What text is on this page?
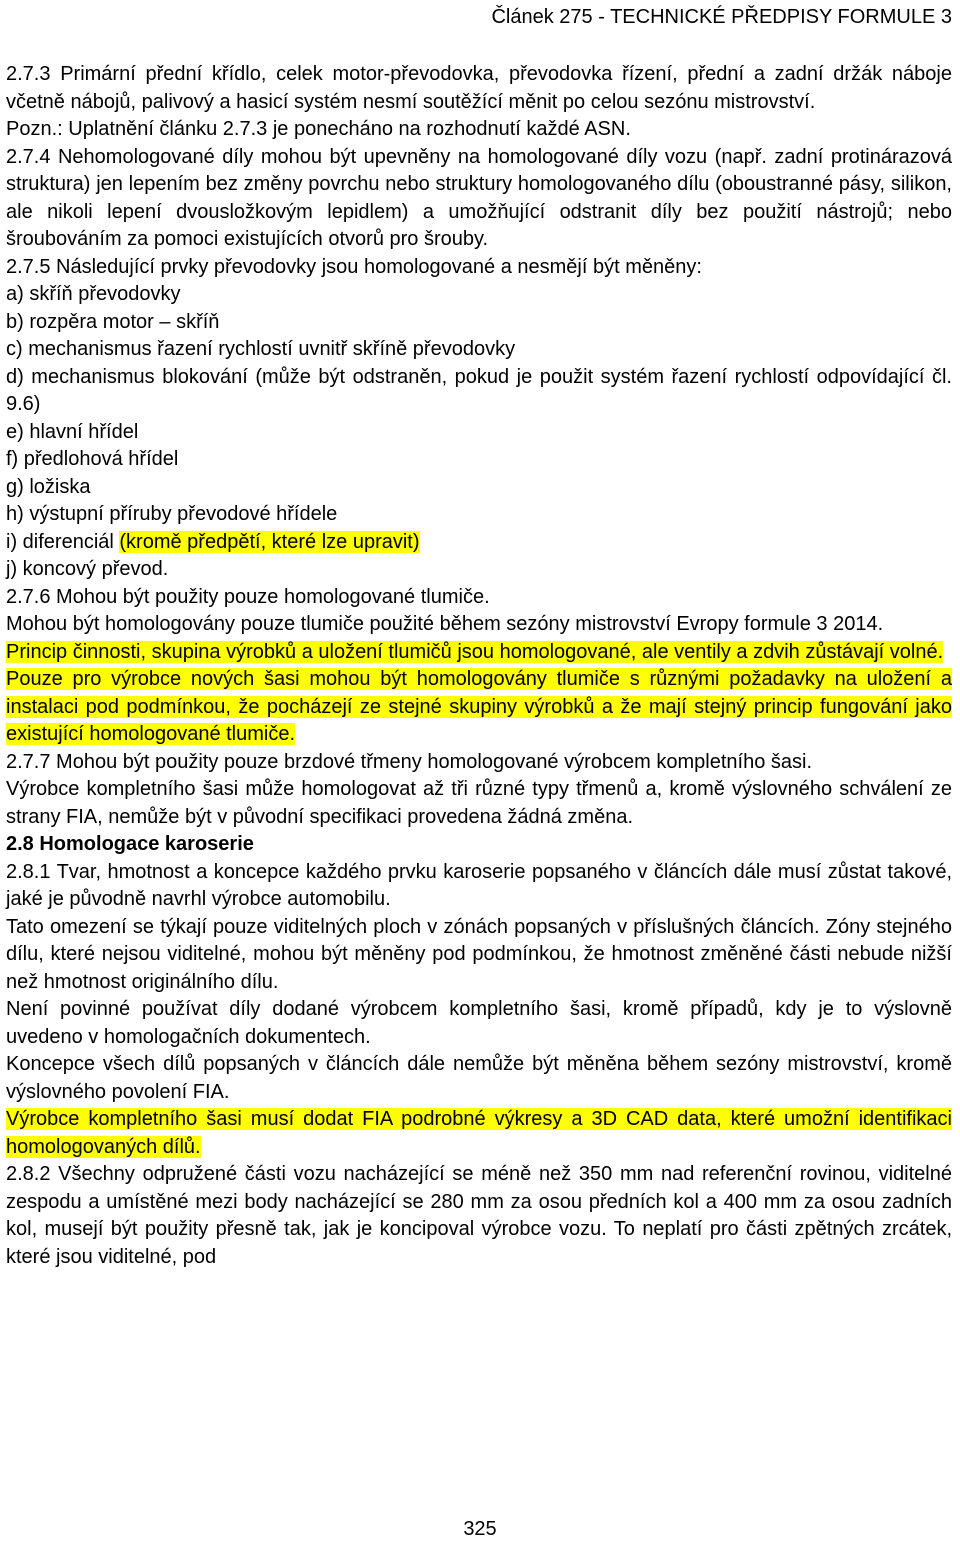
Článek 275 - TECHNICKÉ PŘEDPISY FORMULE 3

2.7.3 Primární přední křídlo, celek motor-převodovka, převodovka řízení, přední a zadní držák náboje včetně nábojů, palivový a hasicí systém nesmí soutěžící měnit po celou sezónu mistrovství.

Pozn.: Uplatnění článku 2.7.3 je ponecháno na rozhodnutí každé ASN.

2.7.4 Nehomologované díly mohou být upevněny na homologované díly vozu (např. zadní protinárazová struktura) jen lepením bez změny povrchu nebo struktury homologovaného dílu (oboustranné pásy, silikon, ale nikoli lepení dvousložkovým lepidlem) a umožňující odstranit díly bez použití nástrojů; nebo šroubováním za pomoci existujících otvorů pro šrouby.

2.7.5 Následující prvky převodovky jsou homologované a nesmějí být měněny:

a) skříň převodovky

b) rozpěra motor – skříň

c) mechanismus řazení rychlostí uvnitř skříně převodovky

d) mechanismus blokování (může být odstraněn, pokud je použit systém řazení rychlostí odpovídající čl. 9.6)

e) hlavní hřídel

f) předlohová hřídel

g) ložiska

h) výstupní příruby převodové hřídele

i) diferenciál (kromě předpětí, které lze upravit)

j) koncový převod.

2.7.6 Mohou být použity pouze homologované tlumiče.

Mohou být homologovány pouze tlumiče použité během sezóny mistrovství Evropy formule 3 2014.

Princip činnosti, skupina výrobků a uložení tlumičů jsou homologované, ale ventily a zdvih zůstávají volné.

Pouze pro výrobce nových šasi mohou být homologovány tlumiče s různými požadavky na uložení a instalaci pod podmínkou, že pocházejí ze stejné skupiny výrobků a že mají stejný princip fungování jako existující homologované tlumiče.

2.7.7 Mohou být použity pouze brzdové třmeny homologované výrobcem kompletního šasi.

Výrobce kompletního šasi může homologovat až tři různé typy třmenů a, kromě výslovného schválení ze strany FIA, nemůže být v původní specifikaci provedena žádná změna.

2.8 Homologace karoserie

2.8.1 Tvar, hmotnost a koncepce každého prvku karoserie popsaného v článcích dále musí zůstat takové, jaké je původně navrhl výrobce automobilu.

Tato omezení se týkají pouze viditelných ploch v zónách popsaných v příslušných článcích. Zóny stejného dílu, které nejsou viditelné, mohou být měněny pod podmínkou, že hmotnost změněné části nebude nižší než hmotnost originálního dílu.

Není povinné používat díly dodané výrobcem kompletního šasi, kromě případů, kdy je to výslovně uvedeno v homologačních dokumentech.

Koncepce všech dílů popsaných v článcích dále nemůže být měněna během sezóny mistrovství, kromě výslovného povolení FIA.

Výrobce kompletního šasi musí dodat FIA podrobné výkresy a 3D CAD data, které umožní identifikaci homologovaných dílů.

2.8.2 Všechny odpružené části vozu nacházející se méně než 350 mm nad referenční rovinou, viditelné zespodu a umístěné mezi body nacházející se 280 mm za osou předních kol a 400 mm za osou zadních kol, musejí být použity přesně tak, jak je koncipoval výrobce vozu. To neplatí pro části zpětných zrcátek, které jsou viditelné, pod

325
